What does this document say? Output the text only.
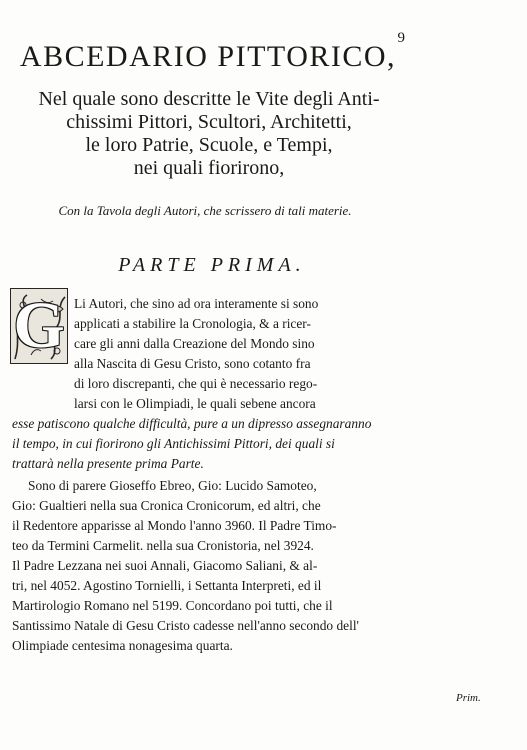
9
ABCEDARIO PITTORICO,
Nel quale sono descritte le Vite degli Anti-
chissimi Pittori, Scultori, Architetti,
le loro Patrie, Scuole, e Tempi,
nei quali fiorirono,
Con la Tavola degli Autori, che scrissero di tali materie.
PARTE PRIMA.
G Li Autori, che sino ad ora interamente si sono
applicati a stabilire la Cronologia, & a ricer-
care gli anni dalla Creazione del Mondo sino
alla Nascita di Gesu Cristo, sono cotanto fra
di loro discrepanti, che qui è necessario rego-
larsi con le Olimpiadi, le quali sebene ancora
esse patiscono qualche difficultà, pure a un dipresso assegnaranno
il tempo, in cui fiorirono gli Antichissimi Pittori, dei quali si
trattarà nella presente prima Parte.
Sono di parere Gioseffo Ebreo, Gio: Lucido Samoteo,
Gio: Gualtieri nella sua Cronica Cronicorum, ed altri, che
il Redentore apparisse al Mondo l'anno 3960. Il Padre Timo-
teo da Termini Carmelit. nella sua Cronistoria, nel 3924.
Il Padre Lezzana nei suoi Annali, Giacomo Saliani, & al-
tri, nel 4052. Agostino Tornielli, i Settanta Interpreti, ed il
Martirologio Romano nel 5199. Concordano poi tutti, che il
Santissimo Natale di Gesu Cristo cadesse nell'anno secondo dell'
Olimpiade centesima nonagesima quarta.
Prim.
